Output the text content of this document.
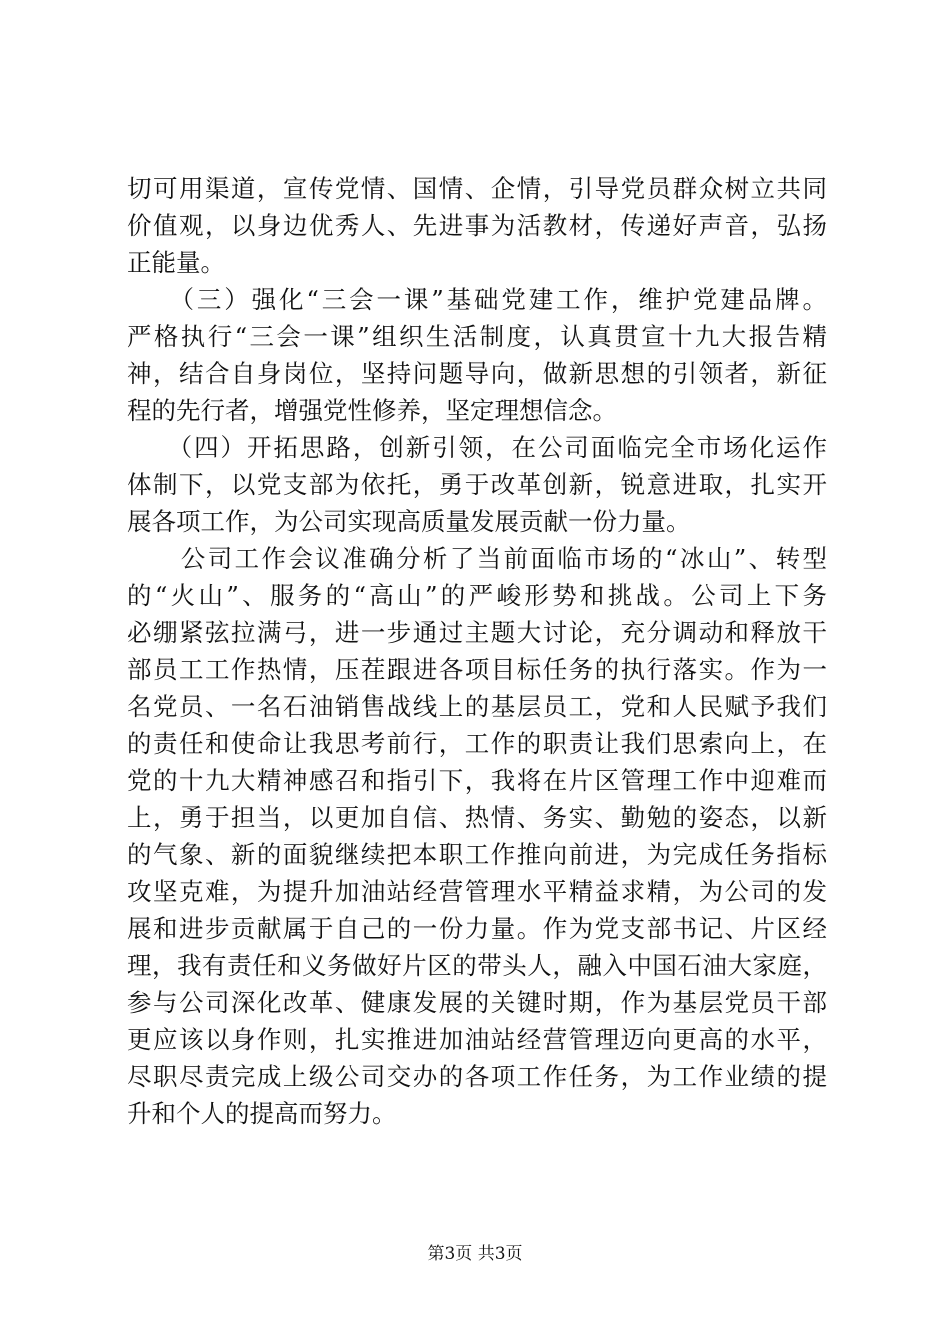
切可用渠道，宣传党情、国情、企情，引导党员群众树立共同
价值观，以身边优秀人、先进事为活教材，传递好声音，弘扬
正能量。
　　（三）强化“三会一课”基础党建工作，维护党建品牌。
严格执行“三会一课”组织生活制度，认真贯宣十九大报告精
神，结合自身岗位，坚持问题导向，做新思想的引领者，新征
程的先行者，增强党性修养，坚定理想信念。
　　（四）开拓思路，创新引领，在公司面临完全市场化运作
体制下，以党支部为依托，勇于改革创新，锐意进取，扎实开
展各项工作，为公司实现高质量发展贡献一份力量。
　　公司工作会议准确分析了当前面临市场的“冰山”、转型
的“火山”、服务的“高山”的严峻形势和挑战。公司上下务
必绷紧弦拉满弓，进一步通过主题大讨论，充分调动和释放干
部员工工作热情，压茬跟进各项目标任务的执行落实。作为一
名党员、一名石油销售战线上的基层员工，党和人民赋予我们
的责任和使命让我思考前行，工作的职责让我们思索向上，在
党的十九大精神感召和指引下，我将在片区管理工作中迎难而
上，勇于担当，以更加自信、热情、务实、勤勉的姿态，以新
的气象、新的面貌继续把本职工作推向前进，为完成任务指标
攻坚克难，为提升加油站经营管理水平精益求精，为公司的发
展和进步贡献属于自己的一份力量。作为党支部书记、片区经
理，我有责任和义务做好片区的带头人，融入中国石油大家庭，
参与公司深化改革、健康发展的关键时期，作为基层党员干部
更应该以身作则，扎实推进加油站经营管理迈向更高的水平，
尽职尽责完成上级公司交办的各项工作任务，为工作业绩的提
升和个人的提高而努力。
第3页 共3页
